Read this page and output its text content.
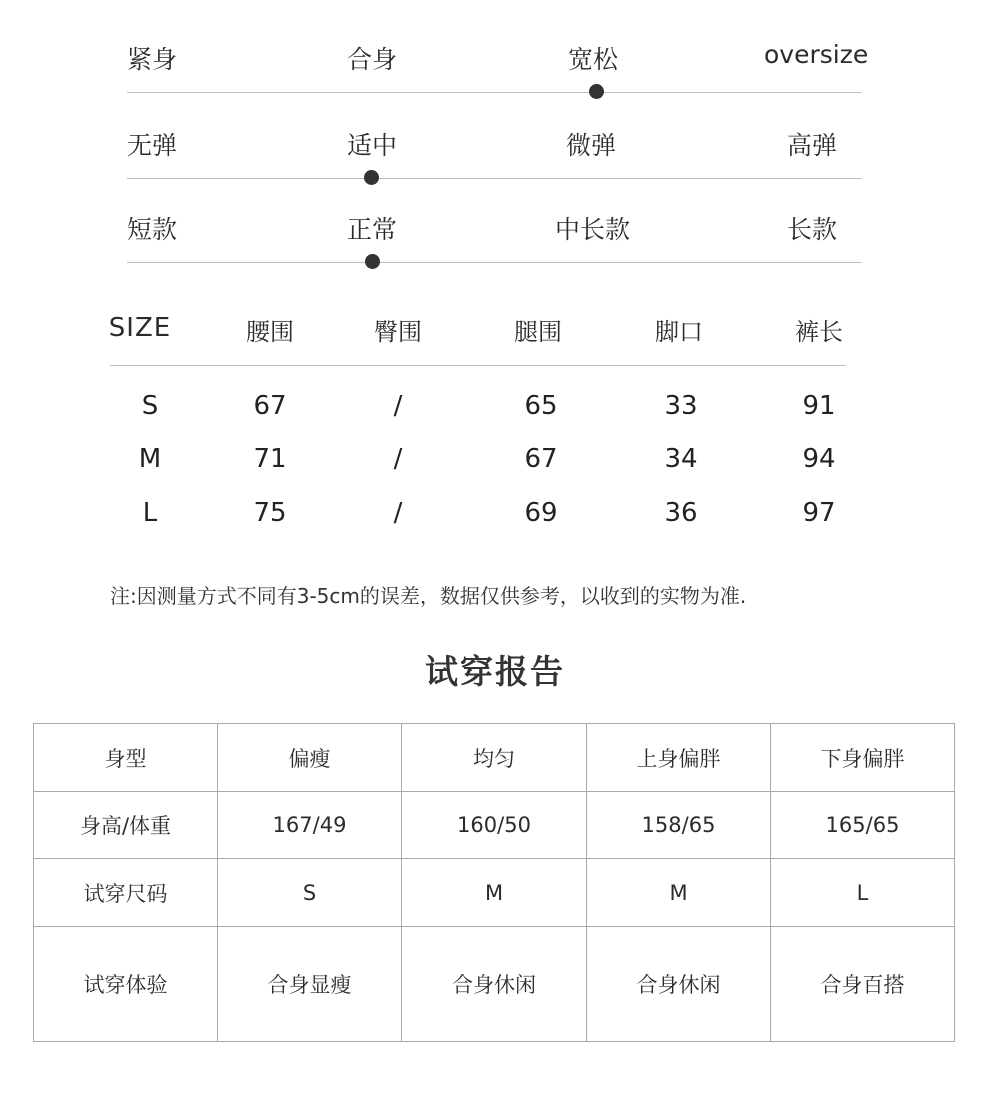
紧身	合身	宽松	oversize
无弹	适中	微弹	高弹
短款	正常	中长款	长款
SIZE	腰围	臀围	腿围	脚口	裤长
S	67	/	65	33	91
M	71	/	67	34	94
L	75	/	69	36	97
注:因测量方式不同有3-5cm的误差，数据仅供参考，以收到的实物为准.
试穿报告
身型	偏瘦	均匀	上身偏胖	下身偏胖
身高/体重	167/49	160/50	158/65	165/65
试穿尺码	S	M	M	L
试穿体验	合身显瘦	合身休闲	合身休闲	合身百搭
